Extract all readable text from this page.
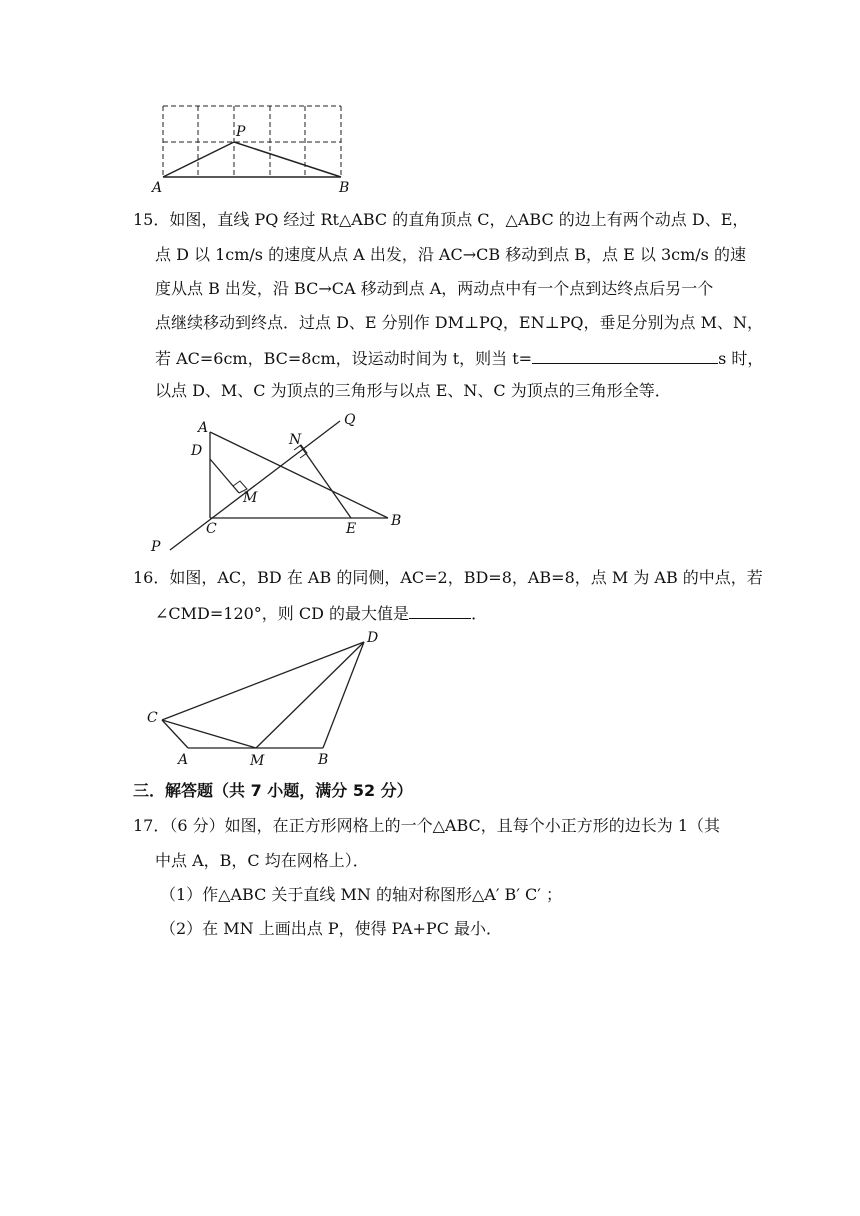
P
A	B
15．如图，直线 PQ 经过 Rt△ABC 的直角顶点 C，△ABC 的边上有两个动点 D、E，
点 D 以 1cm/s 的速度从点 A 出发，沿 AC→CB 移动到点 B，点 E 以 3cm/s 的速
度从点 B 出发，沿 BC→CA 移动到点 A，两动点中有一个点到达终点后另一个
点继续移动到终点．过点 D、E 分别作 DM⊥PQ，EN⊥PQ，垂足分别为点 M、N，
若 AC=6cm，BC=8cm，设运动时间为 t，则当 t=	s 时，
以点 D、M、C 为顶点的三角形与以点 E、N、C 为顶点的三角形全等．
A
D
N
Q
M
C	E B
P
16．如图，AC，BD 在 AB 的同侧，AC=2，BD=8，AB=8，点 M 为 AB 的中点，若
∠CMD=120°，则 CD 的最大值是	．
D
C
A	M	B
三．解答题（共 7 小题，满分 52 分）
17．（6 分）如图，在正方形网格上的一个△ABC，且每个小正方形的边长为 1（其
中点 A，B，C 均在网格上）．
（1）作△ABC 关于直线 MN 的轴对称图形△A′ B′ C′ ；
（2）在 MN 上画出点 P，使得 PA+PC 最小．
